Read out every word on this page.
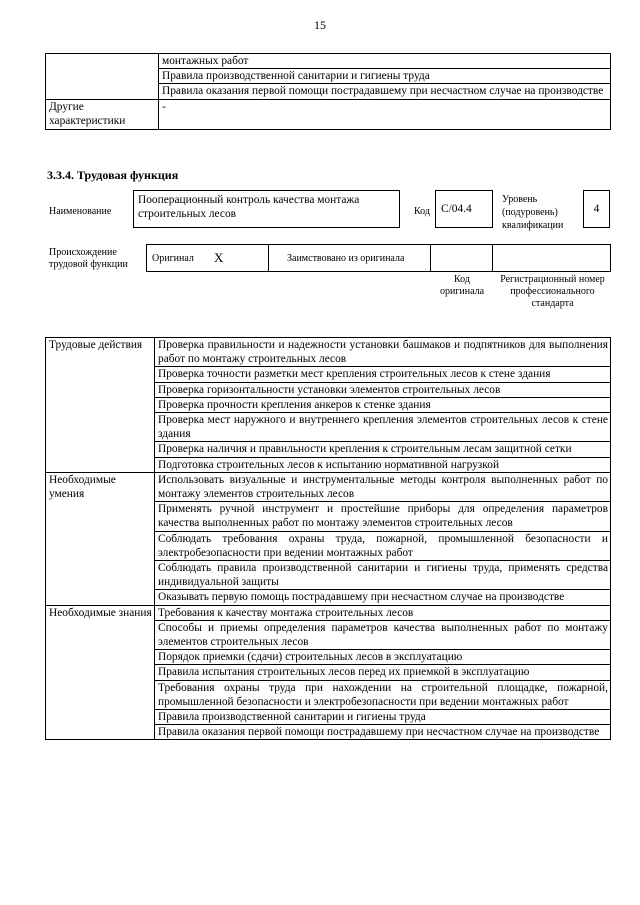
15
	монтажных работ
	Правила производственной санитарии и гигиены труда
	Правила оказания первой помощи пострадавшему при несчастном случае на производстве
Другие характеристики	-
3.3.4. Трудовая функция
Наименование
Пооперационный контроль качества монтажа строительных лесов	Код С/04.4
Уровень (подуровень) квалификации
4
Происхождение трудовой функции
Оригинал X	Заимствовано из оригинала
Код оригинала
Регистрационный номер профессионального стандарта
Трудовые действия	Проверка правильности и надежности установки башмаков и подпятников для выполнения работ по монтажу строительных лесов
	Проверка точности разметки мест крепления строительных лесов к стене здания
	Проверка горизонтальности установки элементов строительных лесов
	Проверка прочности крепления анкеров к стенке здания
	Проверка мест наружного и внутреннего крепления элементов строительных лесов к стене здания
	Проверка наличия и правильности крепления к строительным лесам защитной сетки
	Подготовка строительных лесов к испытанию нормативной нагрузкой
Необходимые умения	Использовать визуальные и инструментальные методы контроля выполненных работ по монтажу элементов строительных лесов
	Применять ручной инструмент и простейшие приборы для определения параметров качества выполненных работ по монтажу элементов строительных лесов
	Соблюдать требования охраны труда, пожарной, промышленной безопасности и электробезопасности при ведении монтажных работ
	Соблюдать правила производственной санитарии и гигиены труда, применять средства индивидуальной защиты
	Оказывать первую помощь пострадавшему при несчастном случае на производстве
Необходимые знания	Требования к качеству монтажа строительных лесов
	Способы и приемы определения параметров качества выполненных работ по монтажу элементов строительных лесов
	Порядок приемки (сдачи) строительных лесов в эксплуатацию
	Правила испытания строительных лесов перед их приемкой в эксплуатацию
	Требования охраны труда при нахождении на строительной площадке, пожарной, промышленной безопасности и электробезопасности при ведении монтажных работ
	Правила производственной санитарии и гигиены труда
	Правила оказания первой помощи пострадавшему при несчастном случае на производстве
